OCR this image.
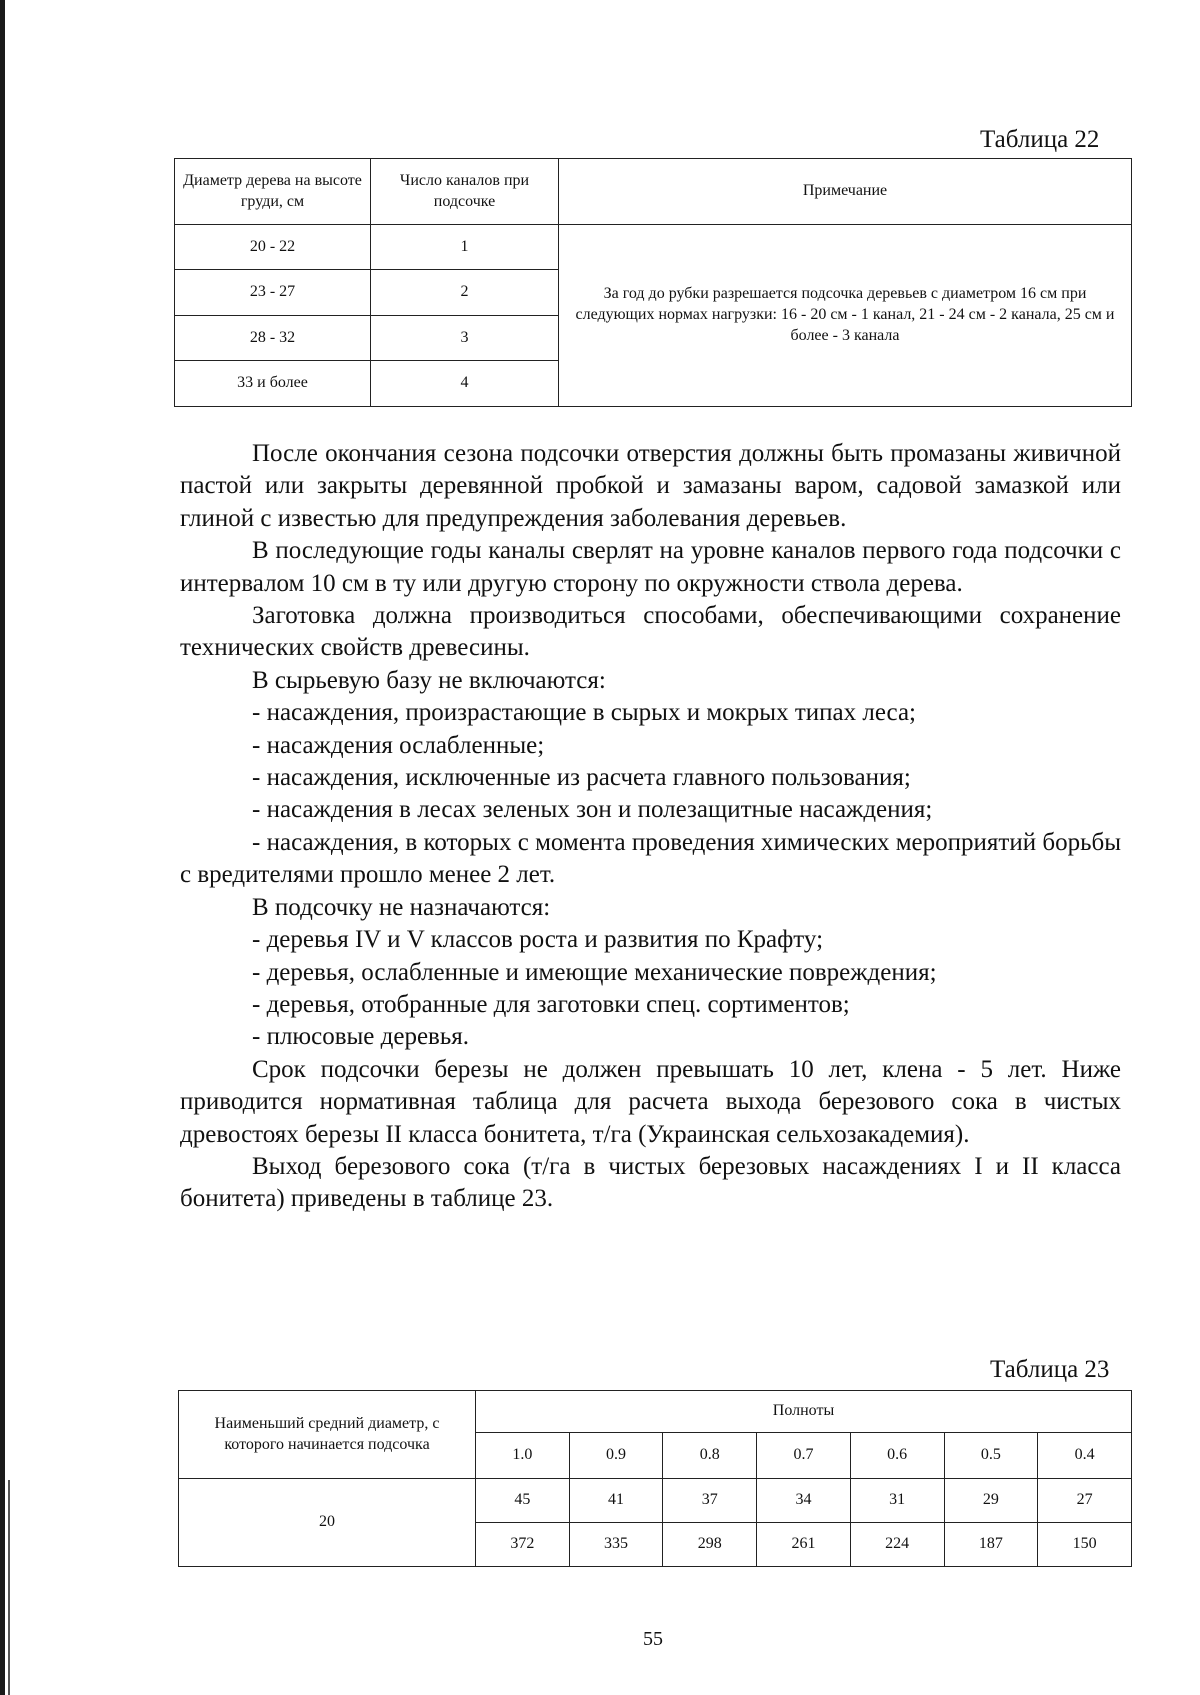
Таблица 22
Диаметр дерева на высоте груди, см	Число каналов при подсочке	Примечание
20 - 22	1	За год до рубки разрешается подсочка деревьев с диаметром 16 см при следующих нормах нагрузки: 16 - 20 см - 1 канал, 21 - 24 см - 2 канала, 25 см и более - 3 канала
23 - 27	2	
28 - 32	3	
33 и более	4	

После окончания сезона подсочки отверстия должны быть промазаны живичной пастой или закрыты деревянной пробкой и замазаны варом, садовой замазкой или глиной с известью для предупреждения заболевания деревьев.

В последующие годы каналы сверлят на уровне каналов первого года подсочки с интервалом 10 см в ту или другую сторону по окружности ствола дерева.

Заготовка должна производиться способами, обеспечивающими сохранение технических свойств древесины.

В сырьевую базу не включаются:

- насаждения, произрастающие в сырых и мокрых типах леса;

- насаждения ослабленные;

- насаждения, исключенные из расчета главного пользования;

- насаждения в лесах зеленых зон и полезащитные насаждения;

- насаждения, в которых с момента проведения химических мероприятий борьбы с вредителями прошло менее 2 лет.

В подсочку не назначаются:

- деревья IV и V классов роста и развития по Крафту;

- деревья, ослабленные и имеющие механические повреждения;

- деревья, отобранные для заготовки спец. сортиментов;

- плюсовые деревья.

Срок подсочки березы не должен превышать 10 лет, клена - 5 лет. Ниже приводится нормативная таблица для расчета выхода березового сока в чистых древостоях березы II класса бонитета, т/га (Украинская сельхозакадемия).

Выход березового сока (т/га в чистых березовых насаждениях I и II класса бонитета) приведены в таблице 23.

Таблица 23
Наименьший средний диаметр, с которого начинается подсочка	Полноты						
	1.0	0.9	0.8	0.7	0.6	0.5	0.4
20	45	41	37	34	31	29	27
	372	335	298	261	224	187	150
55
